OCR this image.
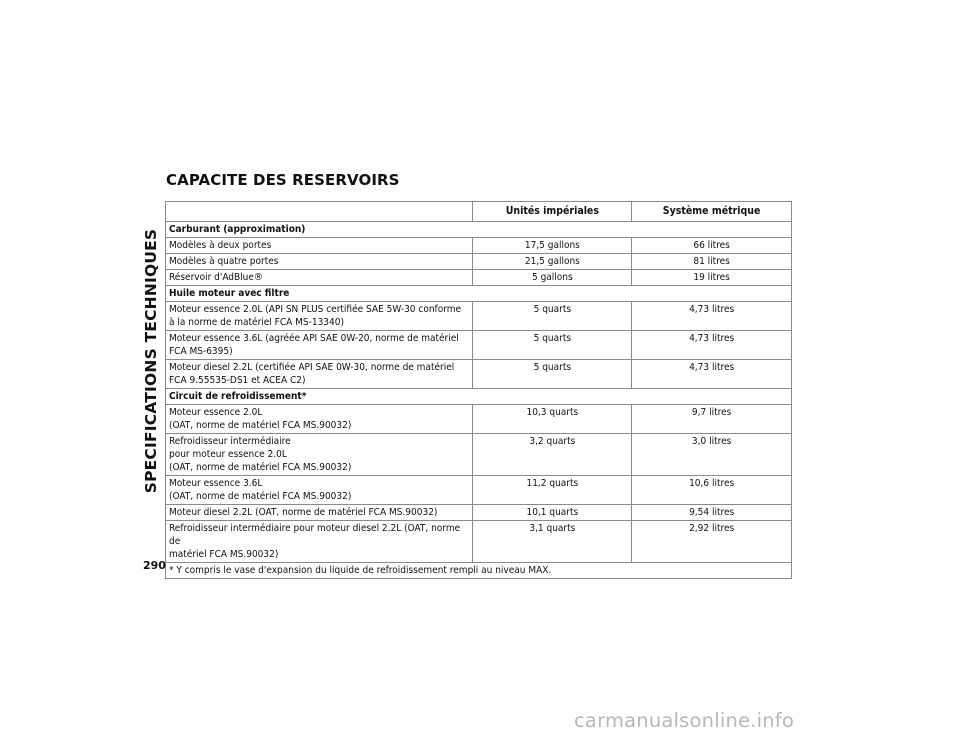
SPECIFICATIONS TECHNIQUES
CAPACITE DES RESERVOIRS
	Unités impériales	Système métrique
Carburant (approximation)		
Modèles à deux portes	17,5 gallons	66 litres
Modèles à quatre portes	21,5 gallons	81 litres
Réservoir d'AdBlue®	5 gallons	19 litres
Huile moteur avec filtre		
Moteur essence 2.0L (API SN PLUS certifiée SAE 5W-30 conforme
à la norme de matériel FCA MS-13340)	5 quarts	4,73 litres
Moteur essence 3.6L (agréée API SAE 0W-20, norme de matériel
FCA MS-6395)	5 quarts	4,73 litres
Moteur diesel 2.2L (certifiée API SAE 0W-30, norme de matériel
FCA 9.55535-DS1 et ACEA C2)	5 quarts	4,73 litres
Circuit de refroidissement*		
Moteur essence 2.0L
(OAT, norme de matériel FCA MS.90032)	10,3 quarts	9,7 litres
Refroidisseur intermédiaire
pour moteur essence 2.0L
(OAT, norme de matériel FCA MS.90032)	3,2 quarts	3,0 litres
Moteur essence 3.6L
(OAT, norme de matériel FCA MS.90032)	11,2 quarts	10,6 litres
Moteur diesel 2.2L (OAT, norme de matériel FCA MS.90032)	10,1 quarts	9,54 litres
Refroidisseur intermédiaire pour moteur diesel 2.2L (OAT, norme de
matériel FCA MS.90032)	3,1 quarts	2,92 litres
* Y compris le vase d'expansion du liquide de refroidissement rempli au niveau MAX.		
290
carmanualsonline.info
